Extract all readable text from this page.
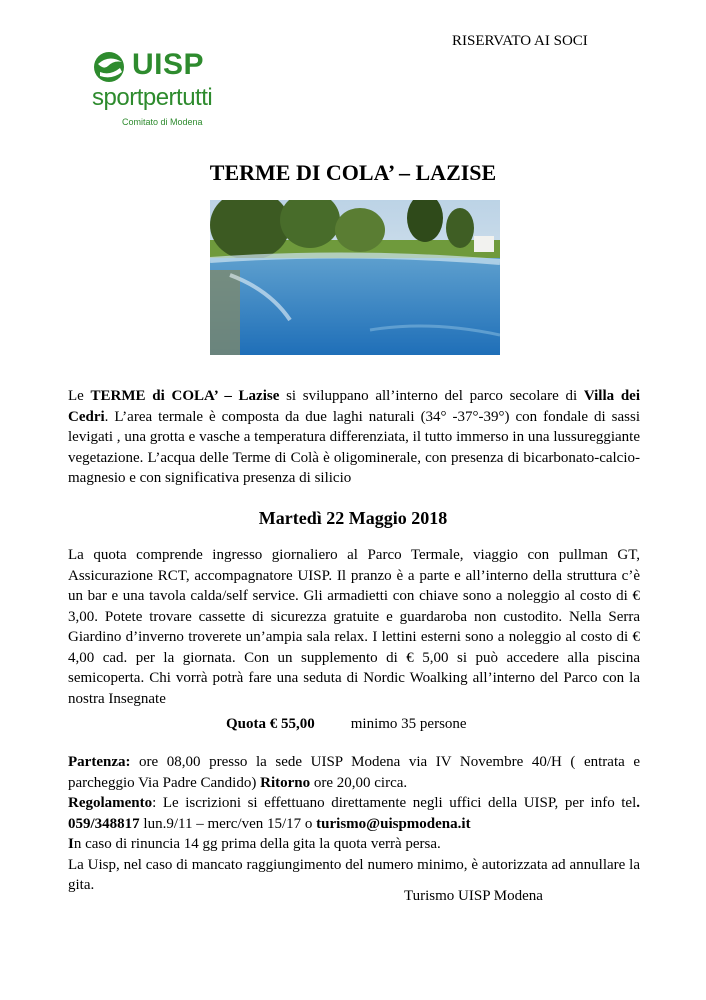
RISERVATO AI SOCI
UISP
sportpertutti
Comitato di Modena
TERME DI COLA’ – LAZISE
Le TERME di COLA’ – Lazise si sviluppano all’interno del parco secolare di Villa dei Cedri. L’area termale è composta da due laghi naturali (34° -37°-39°) con fondale di sassi levigati , una grotta e vasche a temperatura differenziata, il tutto immerso in una lussureggiante vegetazione. L’acqua delle Terme di Colà è oligominerale, con presenza di bicarbonato-calcio-magnesio e con significativa presenza di silicio
Martedì 22 Maggio 2018
La quota comprende ingresso giornaliero al Parco Termale, viaggio con pullman GT, Assicurazione RCT, accompagnatore UISP. Il pranzo è a parte e all’interno della struttura c’è un bar e una tavola calda/self service. Gli armadietti con chiave sono a noleggio al costo di € 3,00. Potete trovare cassette di sicurezza gratuite e guardaroba non custodito. Nella Serra Giardino d’inverno troverete un’ampia sala relax. I lettini esterni sono a noleggio al costo di € 4,00 cad. per la giornata. Con un supplemento di € 5,00 si può accedere alla piscina semicoperta. Chi vorrà potrà fare una seduta di Nordic Woalking all’interno del Parco con la nostra Insegnate
Quota € 55,00 minimo 35 persone
Partenza: ore 08,00 presso la sede UISP Modena via IV Novembre 40/H ( entrata e parcheggio Via Padre Candido) Ritorno ore 20,00 circa.
Regolamento: Le iscrizioni si effettuano direttamente negli uffici della UISP, per info tel. 059/348817 lun.9/11 – merc/ven 15/17 o turismo@uispmodena.it
In caso di rinuncia 14 gg prima della gita la quota verrà persa.
La Uisp, nel caso di mancato raggiungimento del numero minimo, è autorizzata ad annullare la gita.
Turismo UISP Modena
